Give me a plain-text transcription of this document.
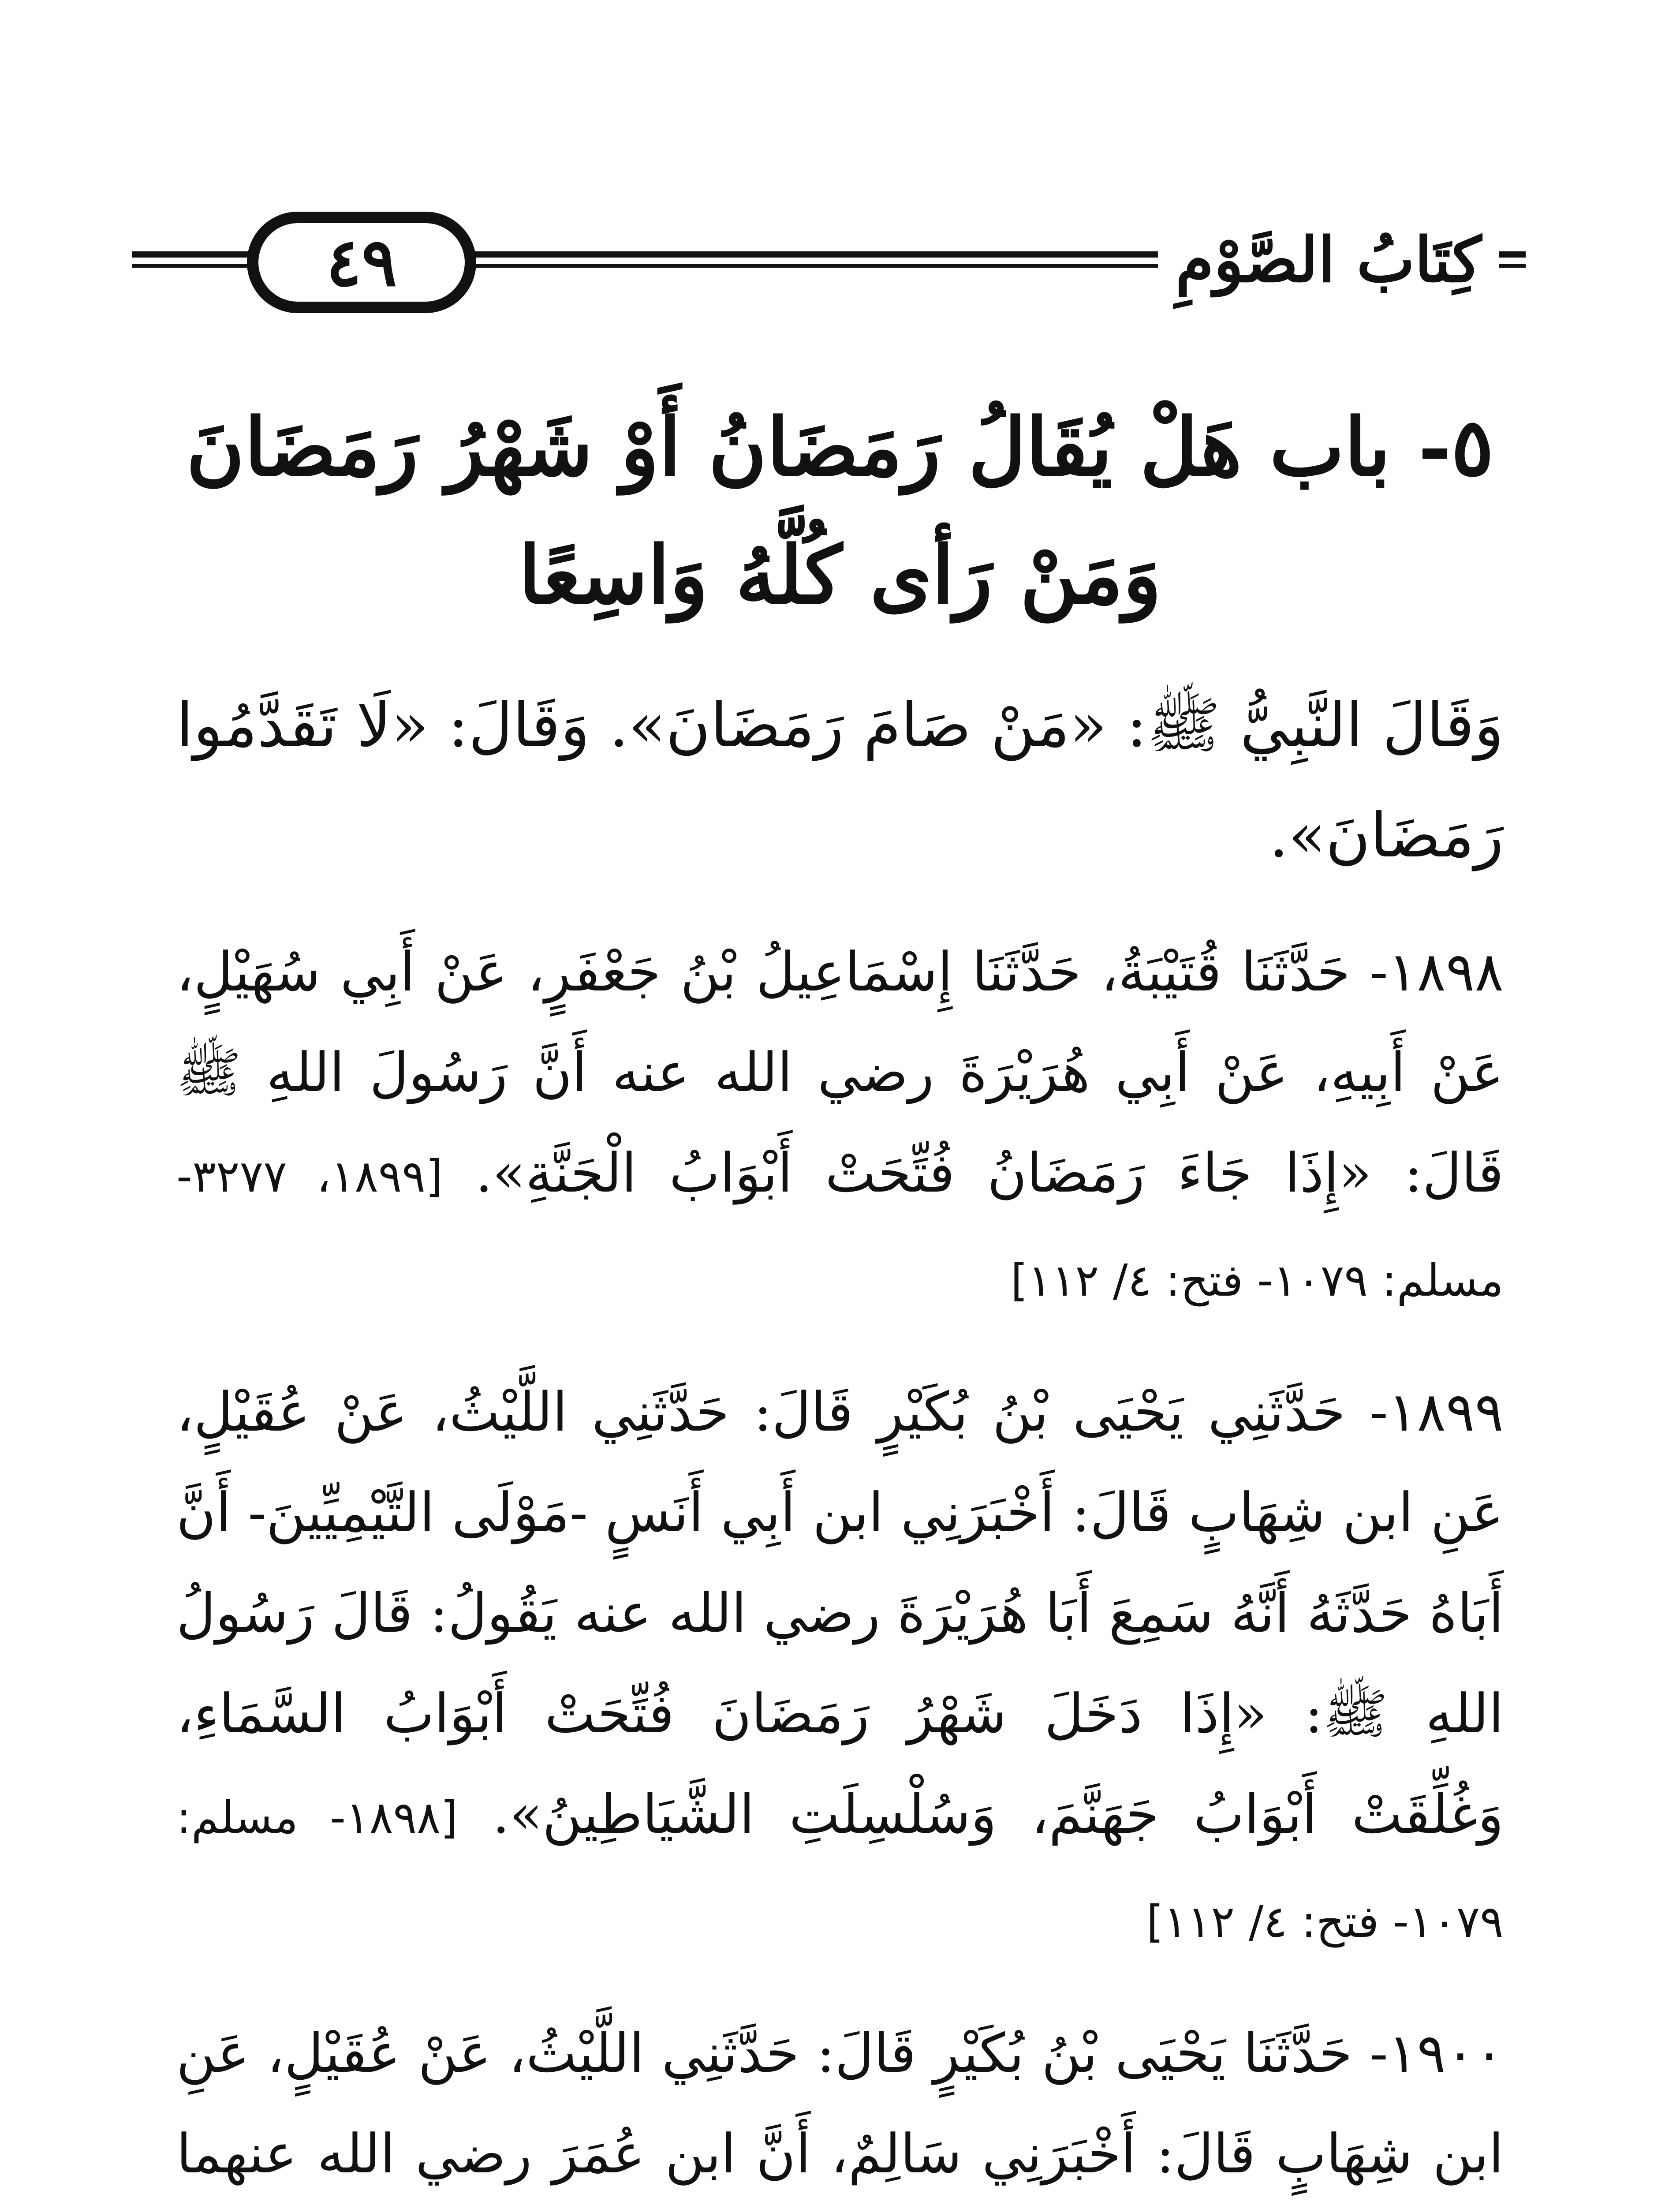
٤٩	كِتَابُ الصَّوْمِ
٥- باب هَلْ يُقَالُ رَمَضَانُ أَوْ شَهْرُ رَمَضَانَ
وَمَنْ رَأى كُلَّهُ وَاسِعًا

وَقَالَ النَّبِيُّ ﷺ: «مَنْ صَامَ رَمَضَانَ». وَقَالَ: «لَا تَقَدَّمُوا رَمَضَانَ».

١٨٩٨- حَدَّثَنَا قُتَيْبَةُ، حَدَّثَنَا إِسْمَاعِيلُ بْنُ جَعْفَرٍ، عَنْ أَبِي سُهَيْلٍ، عَنْ أَبِيهِ، عَنْ أَبِي هُرَيْرَةَ رضي الله عنه أَنَّ رَسُولَ اللهِ ﷺ قَالَ: «إِذَا جَاءَ رَمَضَانُ فُتِّحَتْ أَبْوَابُ الْجَنَّةِ». [١٨٩٩، ٣٢٧٧- مسلم: ١٠٧٩- فتح: ٤/ ١١٢]

١٨٩٩- حَدَّثَنِي يَحْيَى بْنُ بُكَيْرٍ قَالَ: حَدَّثَنِي اللَّيْثُ، عَنْ عُقَيْلٍ، عَنِ ابن شِهَابٍ قَالَ: أَخْبَرَنِي ابن أَبِي أَنَسٍ -مَوْلَى التَّيْمِيِّينَ- أَنَّ أَبَاهُ حَدَّثَهُ أَنَّهُ سَمِعَ أَبَا هُرَيْرَةَ رضي الله عنه يَقُولُ: قَالَ رَسُولُ اللهِ ﷺ: «إِذَا دَخَلَ شَهْرُ رَمَضَانَ فُتِّحَتْ أَبْوَابُ السَّمَاءِ، وَغُلِّقَتْ أَبْوَابُ جَهَنَّمَ، وَسُلْسِلَتِ الشَّيَاطِينُ». [١٨٩٨- مسلم: ١٠٧٩- فتح: ٤/ ١١٢]

١٩٠٠- حَدَّثَنَا يَحْيَى بْنُ بُكَيْرٍ قَالَ: حَدَّثَنِي اللَّيْثُ، عَنْ عُقَيْلٍ، عَنِ ابن شِهَابٍ قَالَ: أَخْبَرَنِي سَالِمٌ، أَنَّ ابن عُمَرَ رضي الله عنهما
